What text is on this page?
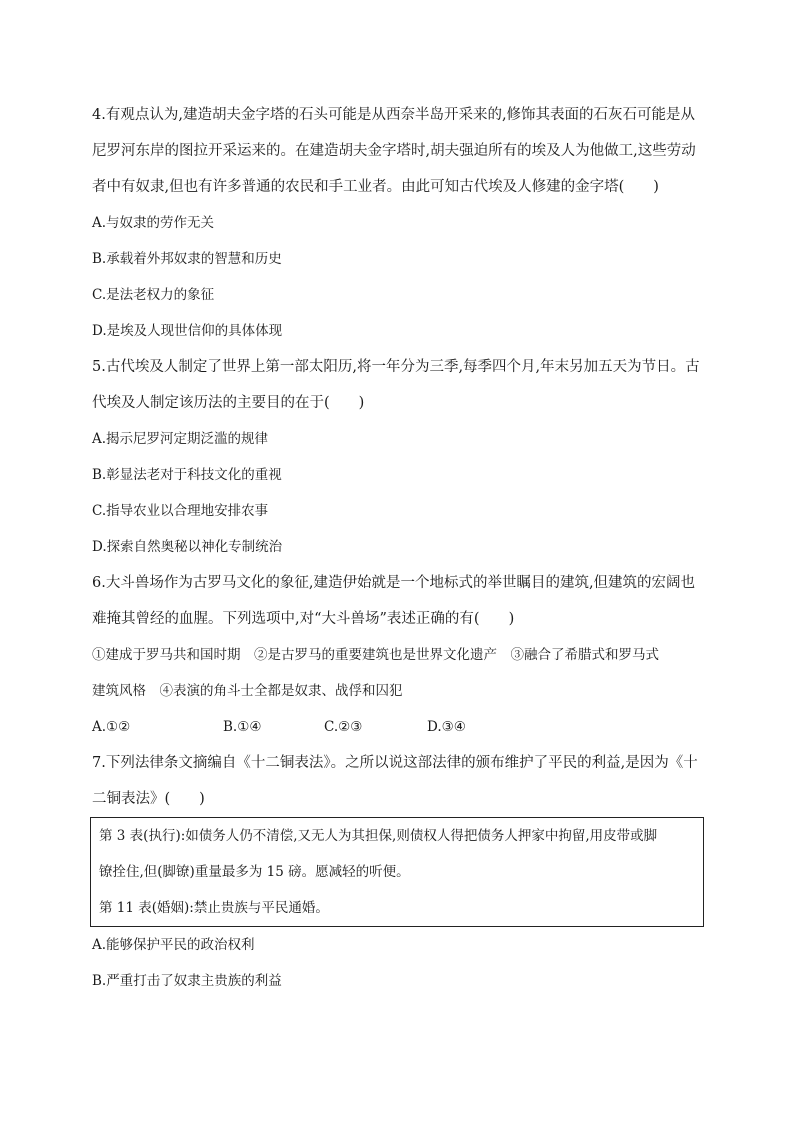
4.有观点认为,建造胡夫金字塔的石头可能是从西奈半岛开采来的,修饰其表面的石灰石可能是从
尼罗河东岸的图拉开采运来的。在建造胡夫金字塔时,胡夫强迫所有的埃及人为他做工,这些劳动
者中有奴隶,但也有许多普通的农民和手工业者。由此可知古代埃及人修建的金字塔(　　)
A.与奴隶的劳作无关
B.承载着外邦奴隶的智慧和历史
C.是法老权力的象征
D.是埃及人现世信仰的具体体现
5.古代埃及人制定了世界上第一部太阳历,将一年分为三季,每季四个月,年末另加五天为节日。古
代埃及人制定该历法的主要目的在于(　　)
A.揭示尼罗河定期泛滥的规律
B.彰显法老对于科技文化的重视
C.指导农业以合理地安排农事
D.探索自然奥秘以神化专制统治
6.大斗兽场作为古罗马文化的象征,建造伊始就是一个地标式的举世瞩目的建筑,但建筑的宏阔也
难掩其曾经的血腥。下列选项中,对“大斗兽场”表述正确的有(　　)
①建成于罗马共和国时期　②是古罗马的重要建筑也是世界文化遗产　③融合了希腊式和罗马式
建筑风格　④表演的角斗士全都是奴隶、战俘和囚犯
A.①②	B.①④	C.②③	D.③④
7.下列法律条文摘编自《十二铜表法》。之所以说这部法律的颁布维护了平民的利益,是因为《十
二铜表法》(　　)
第 3 表(执行):如债务人仍不清偿,又无人为其担保,则债权人得把债务人押家中拘留,用皮带或脚
镣拴住,但(脚镣)重量最多为 15 磅。愿减轻的听便。
第 11 表(婚姻):禁止贵族与平民通婚。
A.能够保护平民的政治权利
B.严重打击了奴隶主贵族的利益
